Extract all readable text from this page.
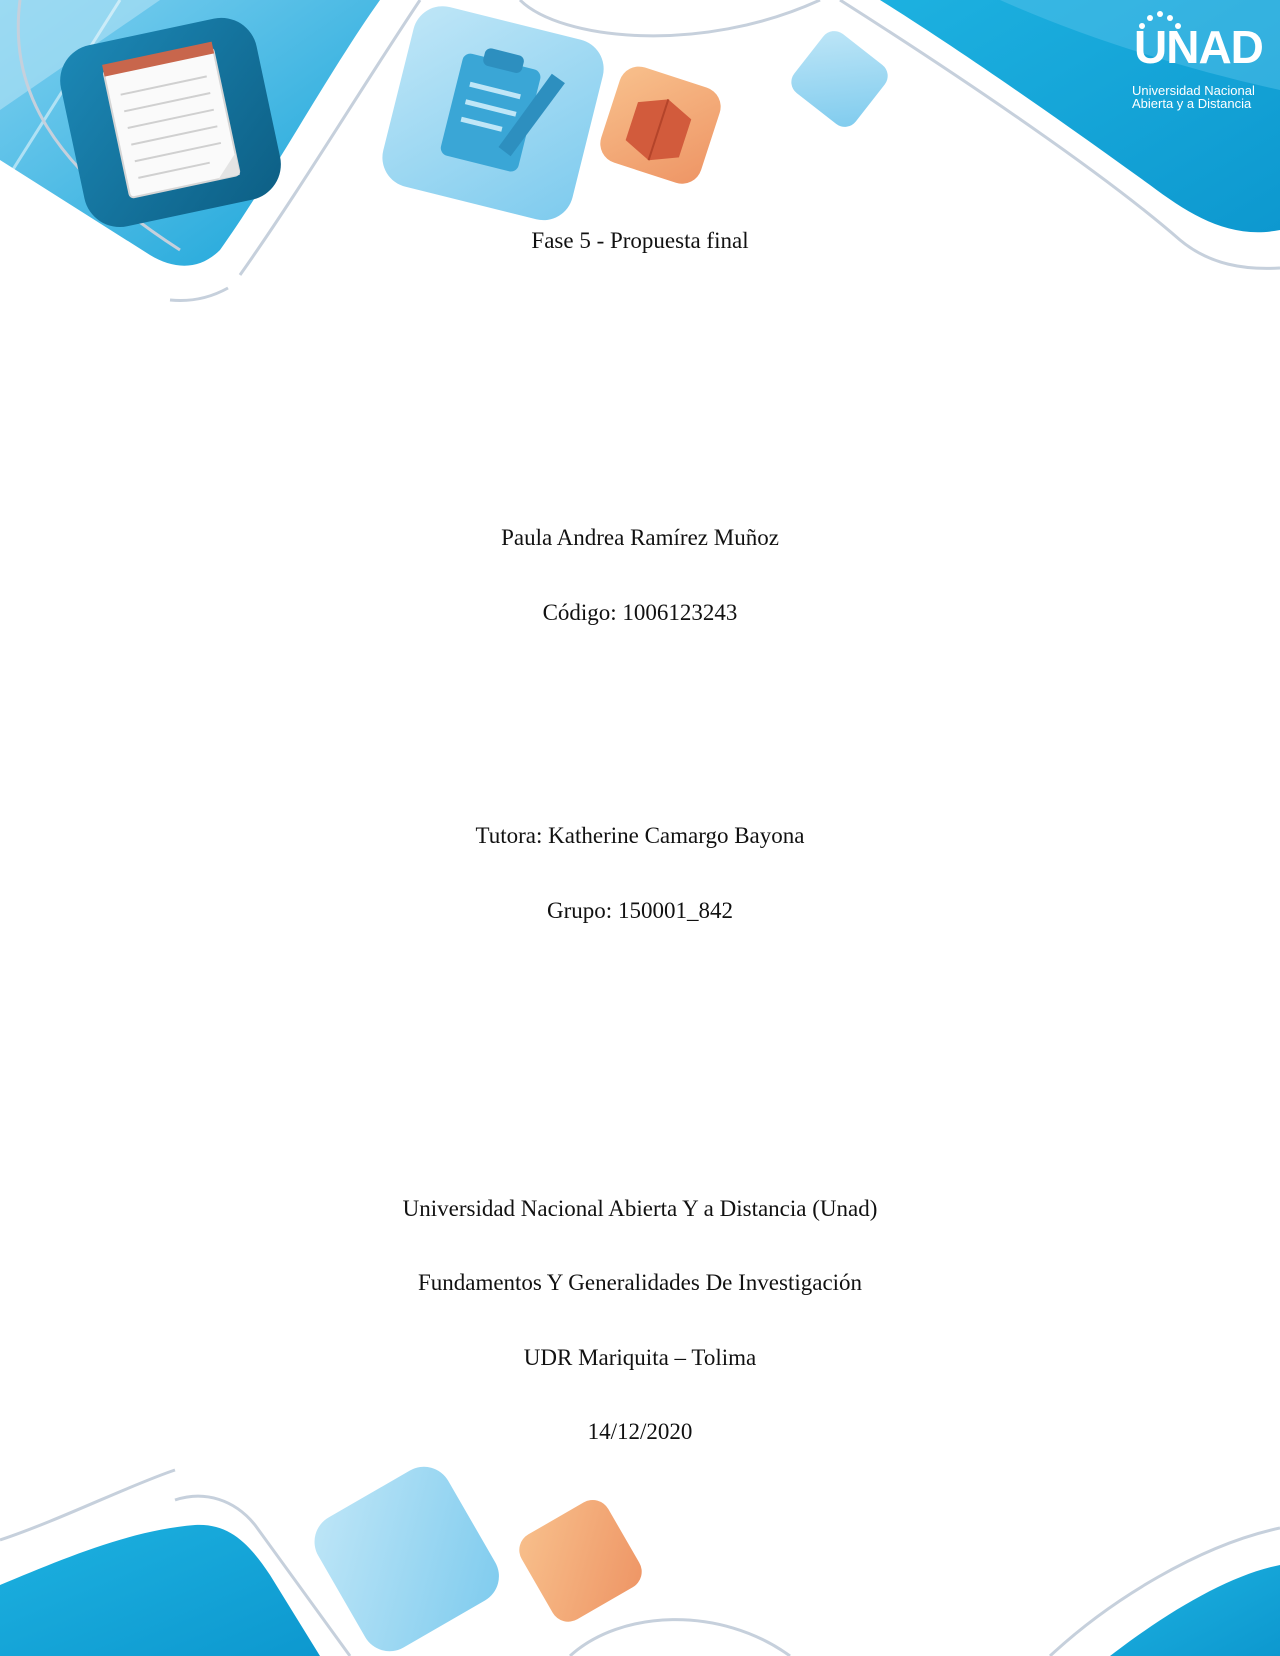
UNAD
Universidad Nacional
Abierta y a Distancia
Fase 5 - Propuesta final
Paula Andrea Ramírez Muñoz
Código: 1006123243
Tutora: Katherine Camargo Bayona
Grupo: 150001_842
Universidad Nacional Abierta Y a Distancia (Unad)
Fundamentos Y Generalidades De Investigación
UDR Mariquita – Tolima
14/12/2020
